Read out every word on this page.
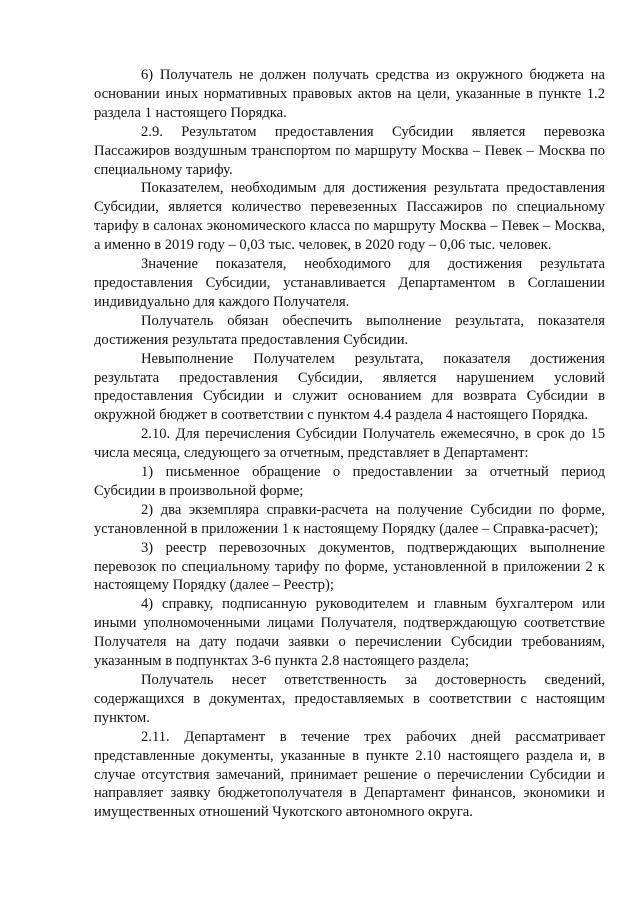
6) Получатель не должен получать средства из окружного бюджета на основании иных нормативных правовых актов на цели, указанные в пункте 1.2 раздела 1 настоящего Порядка.

2.9. Результатом предоставления Субсидии является перевозка Пассажиров воздушным транспортом по маршруту Москва – Певек – Москва по специальному тарифу.

Показателем, необходимым для достижения результата предоставления Субсидии, является количество перевезенных Пассажиров по специальному тарифу в салонах экономического класса по маршруту Москва – Певек – Москва, а именно в 2019 году – 0,03 тыс. человек, в 2020 году – 0,06 тыс. человек.

Значение показателя, необходимого для достижения результата предоставления Субсидии, устанавливается Департаментом в Соглашении индивидуально для каждого Получателя.

Получатель обязан обеспечить выполнение результата, показателя достижения результата предоставления Субсидии.

Невыполнение Получателем результата, показателя достижения результата предоставления Субсидии, является нарушением условий предоставления Субсидии и служит основанием для возврата Субсидии в окружной бюджет в соответствии с пунктом 4.4 раздела 4 настоящего Порядка.

2.10. Для перечисления Субсидии Получатель ежемесячно, в срок до 15 числа месяца, следующего за отчетным, представляет в Департамент:

1) письменное обращение о предоставлении за отчетный период Субсидии в произвольной форме;

2) два экземпляра справки-расчета на получение Субсидии по форме, установленной в приложении 1 к настоящему Порядку (далее – Справка-расчет);

3) реестр перевозочных документов, подтверждающих выполнение перевозок по специальному тарифу по форме, установленной в приложении 2 к настоящему Порядку (далее – Реестр);

4) справку, подписанную руководителем и главным бухгалтером или иными уполномоченными лицами Получателя, подтверждающую соответствие Получателя на дату подачи заявки о перечислении Субсидии требованиям, указанным в подпунктах 3-6 пункта 2.8 настоящего раздела;

Получатель несет ответственность за достоверность сведений, содержащихся в документах, предоставляемых в соответствии с настоящим пунктом.

2.11. Департамент в течение трех рабочих дней рассматривает представленные документы, указанные в пункте 2.10 настоящего раздела и, в случае отсутствия замечаний, принимает решение о перечислении Субсидии и направляет заявку бюджетополучателя в Департамент финансов, экономики и имущественных отношений Чукотского автономного округа.
